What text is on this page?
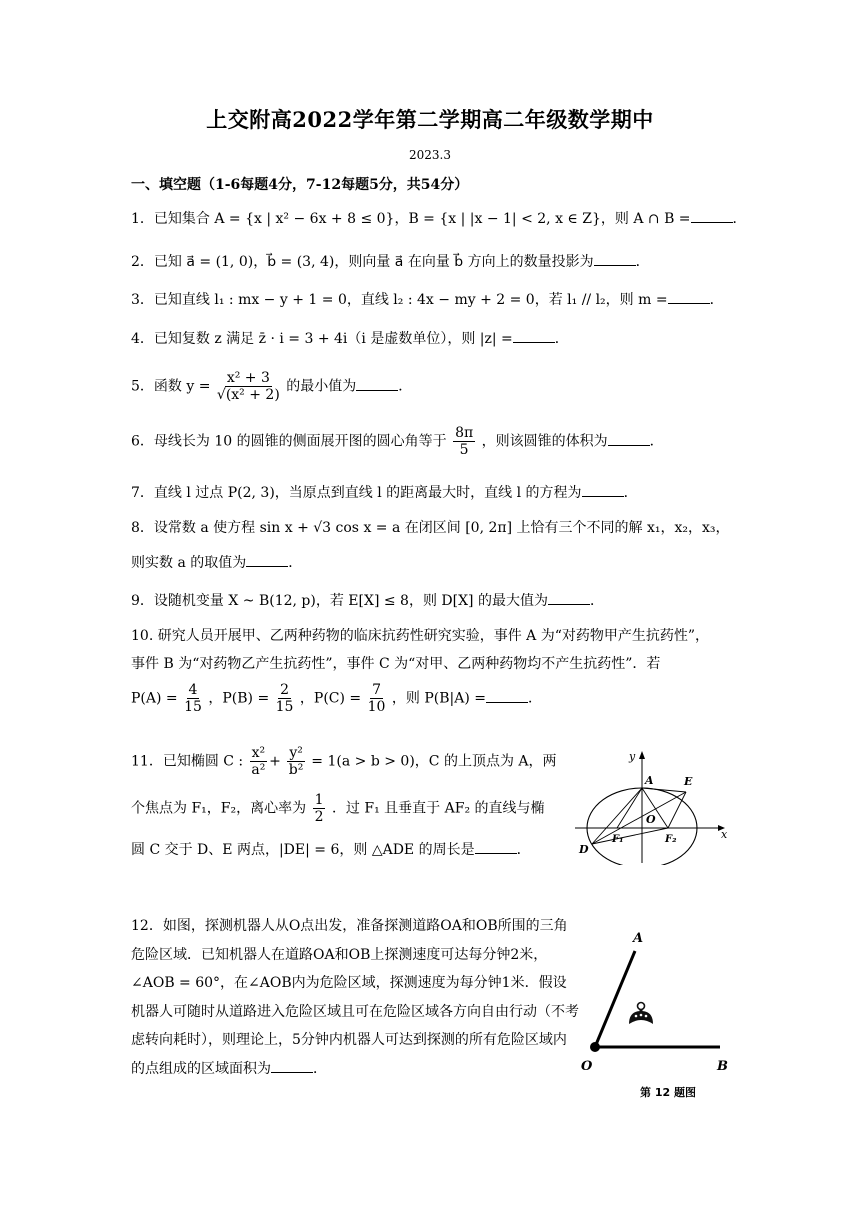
上交附高2022学年第二学期高二年级数学期中
2023.3
一、填空题（1-6每题4分，7-12每题5分，共54分）
1．已知集合 A = {x | x² − 6x + 8 ≤ 0}，B = {x | |x − 1| < 2, x ∈ Z}，则 A ∩ B =	．
2．已知 a⃗ = (1, 0)，b⃗ = (3, 4)，则向量 a⃗ 在向量 b⃗ 方向上的数量投影为	．
3．已知直线 l₁ : mx − y + 1 = 0，直线 l₂ : 4x − my + 2 = 0，若 l₁ // l₂，则 m =	．
4．已知复数 z 满足 z̄ · i = 3 + 4i（i 是虚数单位），则 |z| =	．
5．函数 $y = \frac{\text{x² + 3}}{\text{√(x² + 2)}}$ 的最小值为	．
6．母线长为 10 的圆锥的侧面展开图的圆心角等于 $\frac{8\pi}{5}$ ，则该圆锥的体积为	．
7．直线 l 过点 P(2, 3)，当原点到直线 l 的距离最大时，直线 l 的方程为	．
8．设常数 a 使方程 sin x + √3 cos x = a 在闭区间 [0, 2π] 上恰有三个不同的解 x₁，x₂，x₃，
则实数 a 的取值为	．
9．设随机变量 X ~ B(12, p)，若 E[X] ≤ 8，则 D[X] 的最大值为	．
10. 研究人员开展甲、乙两种药物的临床抗药性研究实验，事件 A 为“对药物甲产生抗药性”，
事件 B 为“对药物乙产生抗药性”，事件 C 为“对甲、乙两种药物均不产生抗药性”．若
$P(A) = \frac{4}{15}$ ，$P(B) = \frac{2}{15}$ ，$P(C) = \frac{7}{10}$ ，则 P(B|A) =	．
11．已知椭圆 C : $\frac{\text{x²}}{\text{a²}} + \frac{\text{y²}}{\text{b²}} = 1(a > b > 0)$，C 的上顶点为 A，两
个焦点为 F₁，F₂，离心率为 $\frac{1}{2}$ ．过 F₁ 且垂直于 AF₂ 的直线与椭
圆 C 交于 D、E 两点，|DE| = 6，则 △ADE 的周长是	．
12．如图，探测机器人从O点出发，准备探测道路OA和OB所围的三角危险区域．已知机器人在道路OA和OB上探测速度可达每分钟2米，∠AOB = 60°，在∠AOB内为危险区域，探测速度为每分钟1米．假设机器人可随时从道路进入危险区域且可在危险区域各方向自由行动（不考虑转向耗时），则理论上，5分钟内机器人可达到探测的所有危险区域内的点组成的区域面积为	．
y
x
A	E
O
F₁	F₂
D
A
O	B
第 12 题图
